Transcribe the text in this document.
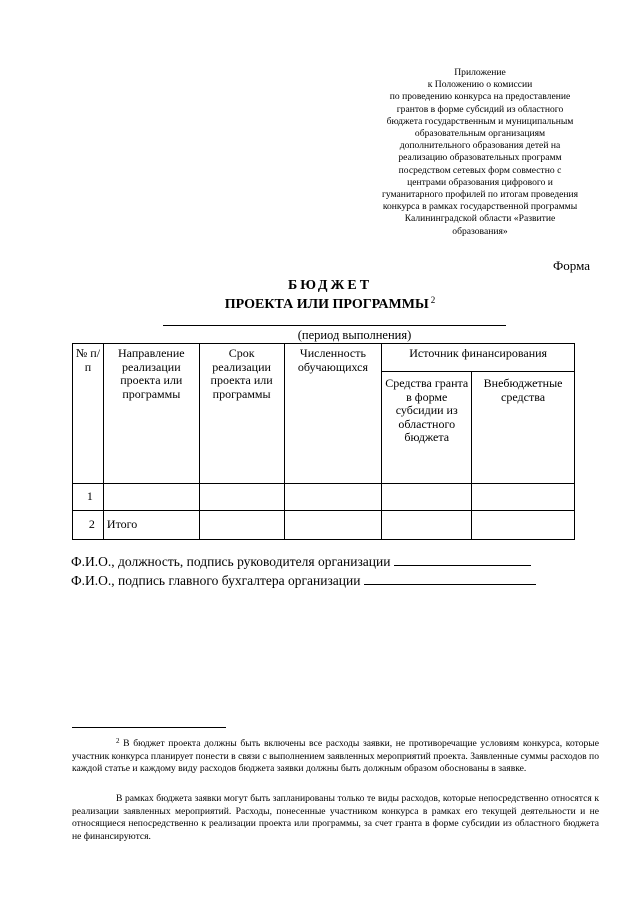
Приложение
к Положению о комиссии
по проведению конкурса на предоставление
грантов в форме субсидий из областного
бюджета государственным и муниципальным
образовательным организациям
дополнительного образования детей на
реализацию образовательных программ
посредством сетевых форм совместно с
центрами образования цифрового и
гуманитарного профилей по итогам проведения
конкурса в рамках государственной программы
Калининградской области «Развитие
образования»
Форма
БЮДЖЕТ
ПРОЕКТА ИЛИ ПРОГРАММЫ $^2$
(период выполнения)
№ п/п	Направление реализации проекта или программы	Срок реализации проекта или программы	Численность обучающихся	Источник финансирования	
				Средства гранта в форме субсидии из областного бюджета	Внебюджетные средства
1					
2	Итого				
Ф.И.О., должность, подпись руководителя организации
Ф.И.О., подпись главного бухгалтера организации
$^2$ В бюджет проекта должны быть включены все расходы заявки, не противоречащие условиям конкурса, которые участник конкурса планирует понести в связи с выполнением заявленных мероприятий проекта. Заявленные суммы расходов по каждой статье и каждому виду расходов бюджета заявки должны быть должным образом обоснованы в заявке.
В рамках бюджета заявки могут быть запланированы только те виды расходов, которые непосредственно относятся к реализации заявленных мероприятий. Расходы, понесенные участником конкурса в рамках его текущей деятельности и не относящиеся непосредственно к реализации проекта или программы, за счет гранта в форме субсидии из областного бюджета не финансируются.
